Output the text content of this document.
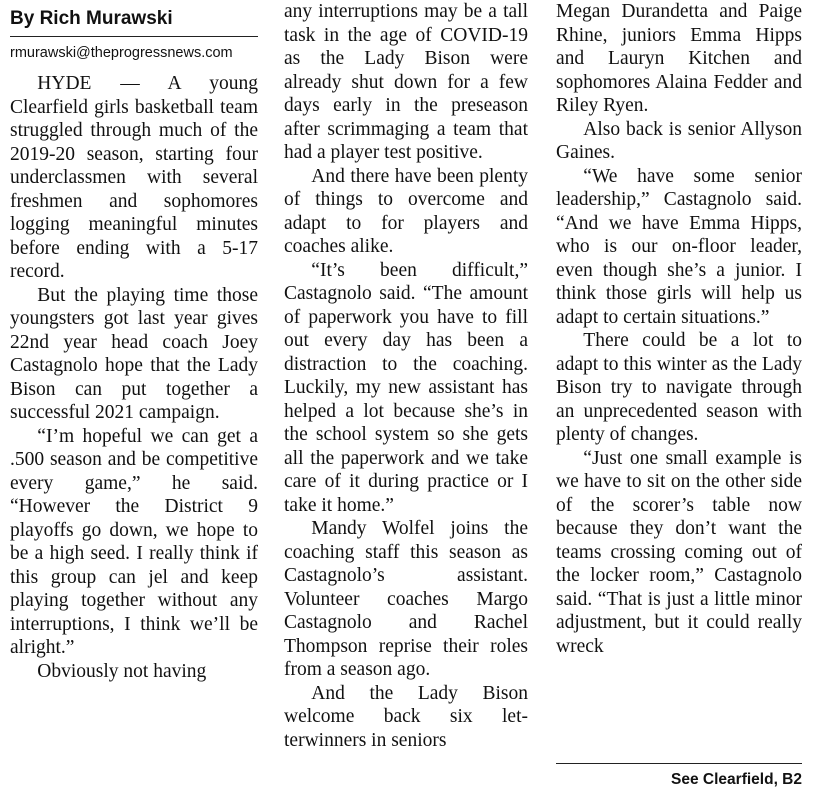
By Rich Murawski
rmurawski@theprogressnews.com

HYDE — A young Clearfield girls basketball team struggled through much of the 2019-20 season, starting four underclassmen with several freshmen and sophomores logging meaningful minutes before ending with a 5-17 record.

But the playing time those youngsters got last year gives 22nd year head coach Joey Castagnolo hope that the Lady Bison can put together a successful 2021 campaign.

“I’m hopeful we can get a .500 season and be competitive every game,” he said. “However the District 9 playoffs go down, we hope to be a high seed. I really think if this group can jel and keep playing together without any interruptions, I think we’ll be alright.”

Obviously not having

any interruptions may be a tall task in the age of COVID-19 as the Lady Bison were already shut down for a few days early in the preseason after scrimmaging a team that had a player test positive.

And there have been plenty of things to overcome and adapt to for players and coaches alike.

“It’s been difficult,” Castagnolo said. “The amount of paperwork you have to fill out every day has been a distraction to the coaching. Luckily, my new assistant has helped a lot because she’s in the school system so she gets all the paperwork and we take care of it during practice or I take it home.”

Mandy Wolfel joins the coaching staff this season as Castagnolo’s assistant. Volunteer coaches Margo Castagnolo and Rachel Thompson reprise their roles from a season ago.

And the Lady Bison welcome back six letterwinners in seniors

Megan Durandetta and Paige Rhine, juniors Emma Hipps and Lauryn Kitchen and sophomores Alaina Fedder and Riley Ryen.

Also back is senior Allyson Gaines.

“We have some senior leadership,” Castagnolo said. “And we have Emma Hipps, who is our on-floor leader, even though she’s a junior. I think those girls will help us adapt to certain situations.”

There could be a lot to adapt to this winter as the Lady Bison try to navigate through an unprecedented season with plenty of changes.

“Just one small example is we have to sit on the other side of the scorer’s table now because they don’t want the teams crossing coming out of the locker room,” Castagnolo said. “That is just a little minor adjustment, but it could really wreck

See Clearfield, B2
